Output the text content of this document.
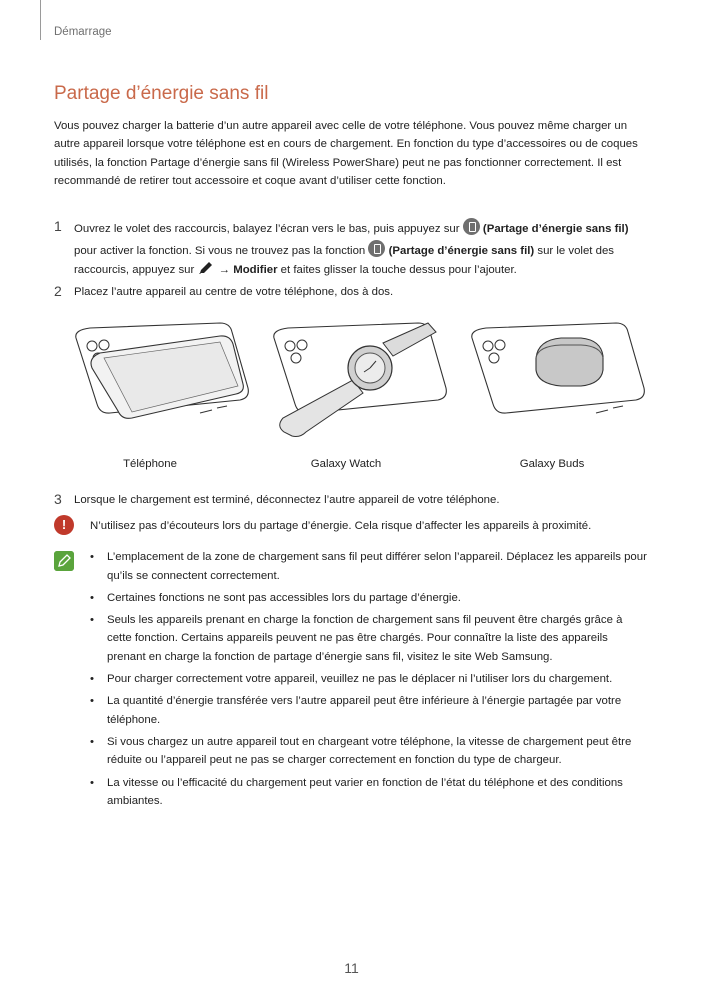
Démarrage
Partage d’énergie sans fil

Vous pouvez charger la batterie d’un autre appareil avec celle de votre téléphone. Vous pouvez même charger un autre appareil lorsque votre téléphone est en cours de chargement. En fonction du type d’accessoires ou de coques utilisés, la fonction Partage d’énergie sans fil (Wireless PowerShare) peut ne pas fonctionner correctement. Il est recommandé de retirer tout accessoire et coque avant d’utiliser cette fonction.

1 Ouvrez le volet des raccourcis, balayez l’écran vers le bas, puis appuyez sur (Partage d’énergie sans fil) pour activer la fonction. Si vous ne trouvez pas la fonction (Partage d’énergie sans fil) sur le volet des raccourcis, appuyez sur → Modifier et faites glisser la touche dessus pour l’ajouter.
2 Placez l’autre appareil au centre de votre téléphone, dos à dos.
Téléphone	Galaxy Watch	Galaxy Buds
3 Lorsque le chargement est terminé, déconnectez l’autre appareil de votre téléphone.
!	N’utilisez pas d’écouteurs lors du partage d’énergie. Cela risque d’affecter les appareils à proximité.
• L’emplacement de la zone de chargement sans fil peut différer selon l’appareil. Déplacez les appareils pour qu’ils se connectent correctement.
• Certaines fonctions ne sont pas accessibles lors du partage d’énergie.
• Seuls les appareils prenant en charge la fonction de chargement sans fil peuvent être chargés grâce à cette fonction. Certains appareils peuvent ne pas être chargés. Pour connaître la liste des appareils prenant en charge la fonction de partage d’énergie sans fil, visitez le site Web Samsung.
• Pour charger correctement votre appareil, veuillez ne pas le déplacer ni l’utiliser lors du chargement.
• La quantité d’énergie transférée vers l’autre appareil peut être inférieure à l’énergie partagée par votre téléphone.
• Si vous chargez un autre appareil tout en chargeant votre téléphone, la vitesse de chargement peut être réduite ou l’appareil peut ne pas se charger correctement en fonction du type de chargeur.
• La vitesse ou l’efficacité du chargement peut varier en fonction de l’état du téléphone et des conditions ambiantes.
11
